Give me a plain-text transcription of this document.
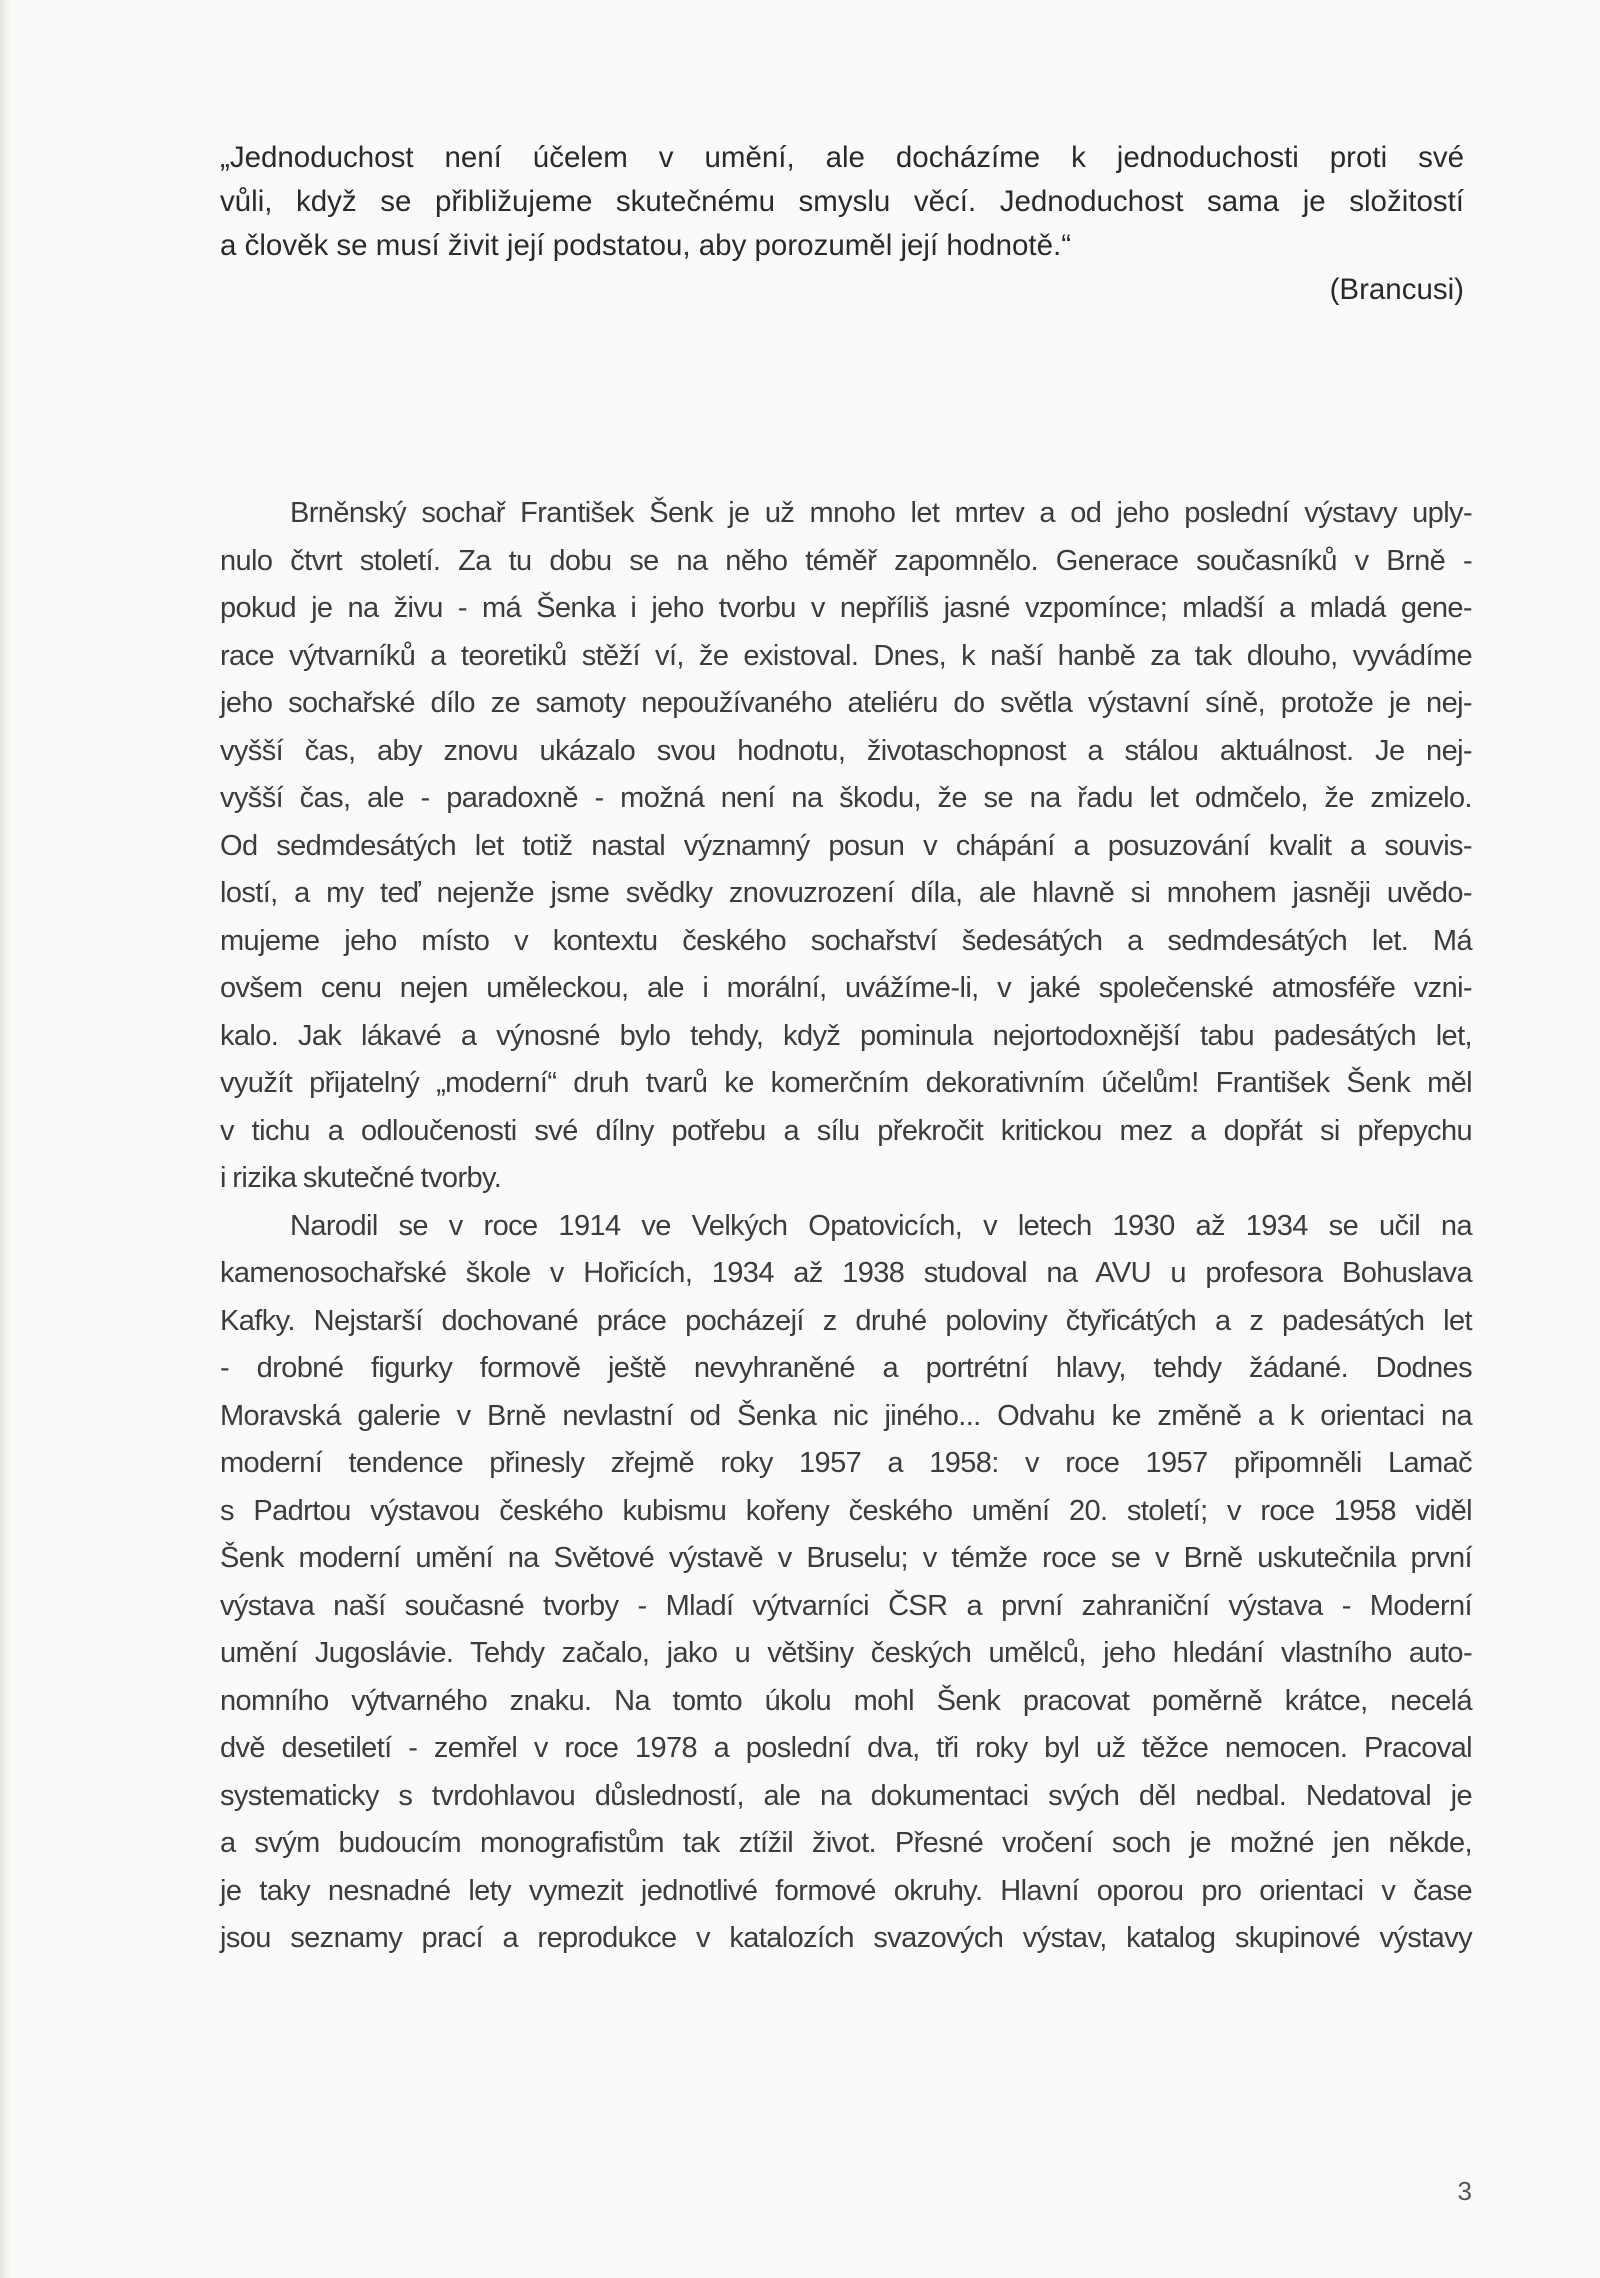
„Jednoduchost není účelem v umění, ale docházíme k jednoduchosti proti své
vůli, když se přibližujeme skutečnému smyslu věcí. Jednoduchost sama je složitostí
a člověk se musí živit její podstatou, aby porozuměl její hodnotě.“
(Brancusi)
Brněnský sochař František Šenk je už mnoho let mrtev a od jeho poslední výstavy uply-
nulo čtvrt století. Za tu dobu se na něho téměř zapomnělo. Generace současníků v Brně -
pokud je na živu - má Šenka i jeho tvorbu v nepříliš jasné vzpomínce; mladší a mladá gene-
race výtvarníků a teoretiků stěží ví, že existoval. Dnes, k naší hanbě za tak dlouho, vyvádíme
jeho sochařské dílo ze samoty nepoužívaného ateliéru do světla výstavní síně, protože je nej-
vyšší čas, aby znovu ukázalo svou hodnotu, životaschopnost a stálou aktuálnost. Je nej-
vyšší čas, ale - paradoxně - možná není na škodu, že se na řadu let odmčelo, že zmizelo.
Od sedmdesátých let totiž nastal významný posun v chápání a posuzování kvalit a souvis-
lostí, a my teď nejenže jsme svědky znovuzrození díla, ale hlavně si mnohem jasněji uvědo-
mujeme jeho místo v kontextu českého sochařství šedesátých a sedmdesátých let. Má
ovšem cenu nejen uměleckou, ale i morální, uvážíme-li, v jaké společenské atmosféře vzni-
kalo. Jak lákavé a výnosné bylo tehdy, když pominula nejortodoxnější tabu padesátých let,
využít přijatelný „moderní“ druh tvarů ke komerčním dekorativním účelům! František Šenk měl
v tichu a odloučenosti své dílny potřebu a sílu překročit kritickou mez a dopřát si přepychu
i rizika skutečné tvorby.
Narodil se v roce 1914 ve Velkých Opatovicích, v letech 1930 až 1934 se učil na
kamenosochařské škole v Hořicích, 1934 až 1938 studoval na AVU u profesora Bohuslava
Kafky. Nejstarší dochované práce pocházejí z druhé poloviny čtyřicátých a z padesátých let
- drobné figurky formově ještě nevyhraněné a portrétní hlavy, tehdy žádané. Dodnes
Moravská galerie v Brně nevlastní od Šenka nic jiného... Odvahu ke změně a k orientaci na
moderní tendence přinesly zřejmě roky 1957 a 1958: v roce 1957 připomněli Lamač
s Padrtou výstavou českého kubismu kořeny českého umění 20. století; v roce 1958 viděl
Šenk moderní umění na Světové výstavě v Bruselu; v témže roce se v Brně uskutečnila první
výstava naší současné tvorby - Mladí výtvarníci ČSR a první zahraniční výstava - Moderní
umění Jugoslávie. Tehdy začalo, jako u většiny českých umělců, jeho hledání vlastního auto-
nomního výtvarného znaku. Na tomto úkolu mohl Šenk pracovat poměrně krátce, necelá
dvě desetiletí - zemřel v roce 1978 a poslední dva, tři roky byl už těžce nemocen. Pracoval
systematicky s tvrdohlavou důsledností, ale na dokumentaci svých děl nedbal. Nedatoval je
a svým budoucím monografistům tak ztížil život. Přesné vročení soch je možné jen někde,
je taky nesnadné lety vymezit jednotlivé formové okruhy. Hlavní oporou pro orientaci v čase
jsou seznamy prací a reprodukce v katalozích svazových výstav, katalog skupinové výstavy
3
